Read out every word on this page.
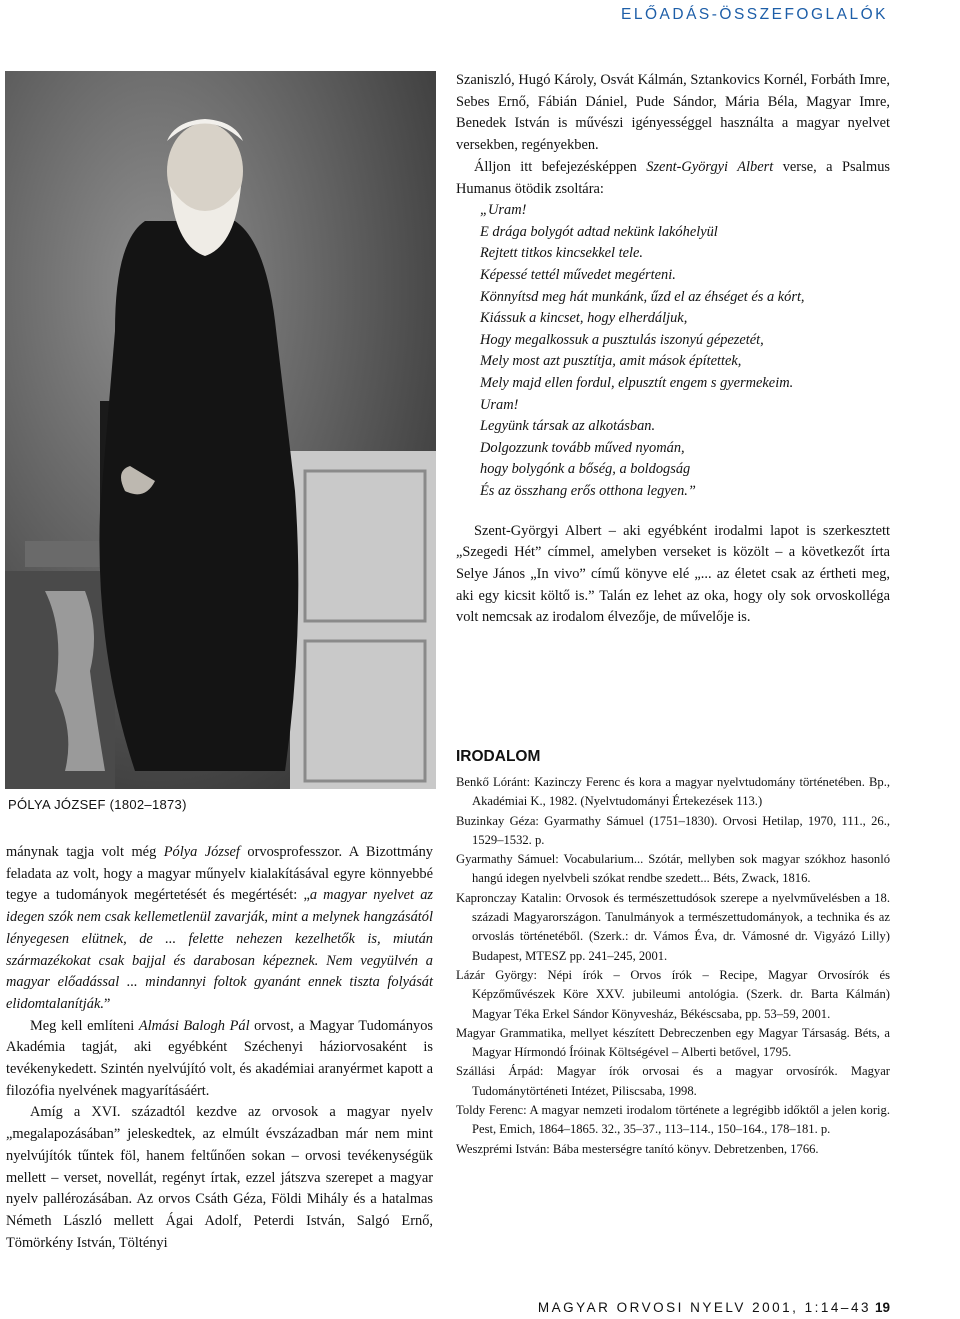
ELŐADÁS-ÖSSZEFOGLALÓK
PÓLYA JÓZSEF (1802–1873)

mánynak tagja volt még Pólya József orvosprofesszor. A Bizottmány feladata az volt, hogy a magyar műnyelv kialakításával egyre könnyebbé tegye a tudományok megértetését és megértését: „a magyar nyelvet az idegen szók nem csak kellemetlenül zavarják, mint a melynek hangzásától lényegesen elütnek, de ... felette nehezen kezelhetők is, miután származékokat csak bajjal és darabosan képeznek. Nem vegyülvén a magyar előadással ... mindannyi foltok gyanánt ennek tiszta folyását elidomtalanítják.”

Meg kell említeni Almási Balogh Pál orvost, a Magyar Tudományos Akadémia tagját, aki egyébként Széchenyi háziorvosaként is tevékenykedett. Szintén nyelvújító volt, és akadémiai aranyérmet kapott a filozófia nyelvének magyarításáért.

Amíg a XVI. századtól kezdve az orvosok a magyar nyelv „megalapozásában” jeleskedtek, az elmúlt évszázadban már nem mint nyelvújítók tűntek föl, hanem feltűnően sokan – orvosi tevékenységük mellett – verset, novellát, regényt írtak, ezzel játszva szerepet a magyar nyelv pallérozásában. Az orvos Csáth Géza, Földi Mihály és a hatalmas Németh László mellett Ágai Adolf, Peterdi István, Salgó Ernő, Tömörkény István, Töltényi

Szaniszló, Hugó Károly, Osvát Kálmán, Sztankovics Kornél, Forbáth Imre, Sebes Ernő, Fábián Dániel, Pude Sándor, Mária Béla, Magyar Imre, Benedek István is művészi igényességgel használta a magyar nyelvet versekben, regényekben.

Álljon itt befejezésképpen Szent-Györgyi Albert verse, a Psalmus Humanus ötödik zsoltára:

„Uram!
E drága bolygót adtad nekünk lakóhelyül
Rejtett titkos kincsekkel tele.
Képessé tettél művedet megérteni.
Könnyítsd meg hát munkánk, űzd el az éhséget és a kórt,
Kiássuk a kincset, hogy elherdáljuk,
Hogy megalkossuk a pusztulás iszonyú gépezetét,
Mely most azt pusztítja, amit mások építettek,
Mely majd ellen fordul, elpusztít engem s gyermekeim.
Uram!
Legyünk társak az alkotásban.
Dolgozzunk tovább műved nyomán,
hogy bolygónk a bőség, a boldogság
És az összhang erős otthona legyen.”

Szent-Györgyi Albert – aki egyébként irodalmi lapot is szerkesztett „Szegedi Hét” címmel, amelyben verseket is közölt – a következőt írta Selye János „In vivo” című könyve elé „... az életet csak az értheti meg, aki egy kicsit költő is.” Talán ez lehet az oka, hogy oly sok orvoskolléga volt nemcsak az irodalom élvezője, de művelője is.

IRODALOM

Benkő Lóránt: Kazinczy Ferenc és kora a magyar nyelvtudomány történetében. Bp., Akadémiai K., 1982. (Nyelvtudományi Értekezések 113.)

Buzinkay Géza: Gyarmathy Sámuel (1751–1830). Orvosi Hetilap, 1970, 111., 26., 1529–1532. p.

Gyarmathy Sámuel: Vocabularium... Szótár, mellyben sok magyar szókhoz hasonló hangú idegen nyelvbeli szókat rendbe szedett... Béts, Zwack, 1816.

Kapronczay Katalin: Orvosok és természettudósok szerepe a nyelvművelésben a 18. századi Magyarországon. Tanulmányok a természettudományok, a technika és az orvoslás történetéből. (Szerk.: dr. Vámos Éva, dr. Vámosné dr. Vigyázó Lilly) Budapest, MTESZ pp. 241–245, 2001.

Lázár György: Népi írók – Orvos írók – Recipe, Magyar Orvosírók és Képzőművészek Köre XXV. jubileumi antológia. (Szerk. dr. Barta Kálmán) Magyar Téka Erkel Sándor Könyvesház, Békéscsaba, pp. 53–59, 2001.

Magyar Grammatika, mellyet készített Debreczenben egy Magyar Társaság. Béts, a Magyar Hírmondó Íróinak Költségével – Alberti betővel, 1795.

Szállási Árpád: Magyar írók orvosai és a magyar orvosírók. Magyar Tudománytörténeti Intézet, Piliscsaba, 1998.

Toldy Ferenc: A magyar nemzeti irodalom története a legrégibb időktől a jelen korig. Pest, Emich, 1864–1865. 32., 35–37., 113–114., 150–164., 178–181. p.

Weszprémi István: Bába mesterségre tanító könyv. Debretzenben, 1766.

MAGYAR ORVOSI NYELV 2001, 1:14–43 19
